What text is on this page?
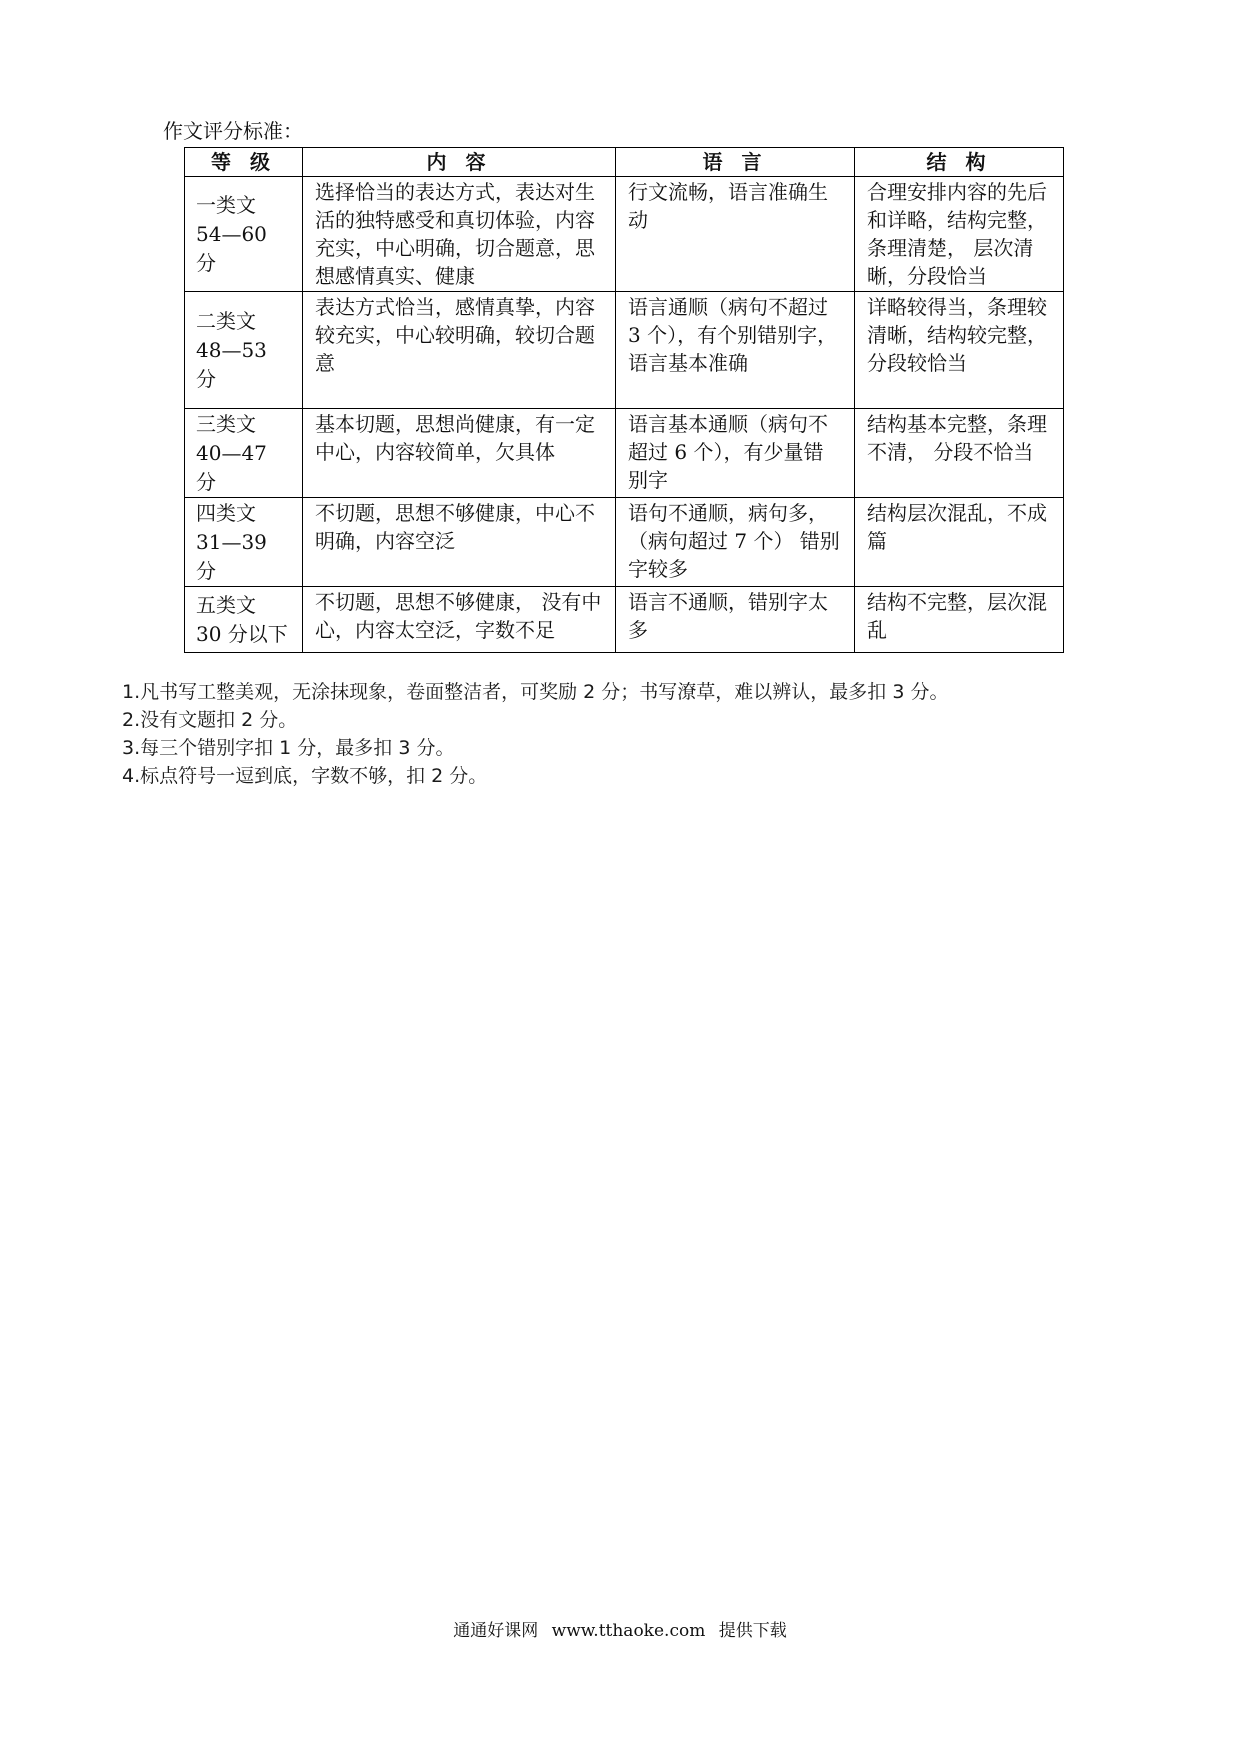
作文评分标准：
等 级	内 容	语 言	结 构

一类文
54—60 分	选择恰当的表达方式，表达对生活的独特感受和真切体验，内容充实，中心明确，切合题意，思想感情真实、健康	行文流畅，语言准确生动	合理安排内容的先后和详略，结构完整，条理清楚， 层次清晰，分段恰当

二类文
48—53 分	表达方式恰当，感情真挚，内容较充实，中心较明确，较切合题意	语言通顺（病句不超过 3 个），有个别错别字，语言基本准确	详略较得当，条理较清晰，结构较完整，分段较恰当

三类文
40—47 分	基本切题，思想尚健康，有一定中心，内容较简单，欠具体	语言基本通顺（病句不超过 6 个），有少量错别字	结构基本完整，条理不清， 分段不恰当

四类文
31—39 分	不切题，思想不够健康，中心不明确，内容空泛	语句不通顺，病句多，（病句超过 7 个） 错别字较多	结构层次混乱，不成篇

五类文
30 分以下	不切题，思想不够健康， 没有中心，内容太空泛，字数不足	语言不通顺，错别字太多	结构不完整，层次混乱

1.凡书写工整美观，无涂抹现象，卷面整洁者，可奖励 2 分；书写潦草，难以辨认，最多扣 3 分。

2.没有文题扣 2 分。

3.每三个错别字扣 1 分，最多扣 3 分。

4.标点符号一逗到底，字数不够，扣 2 分。

通通好课网 www.tthaoke.com 提供下载
